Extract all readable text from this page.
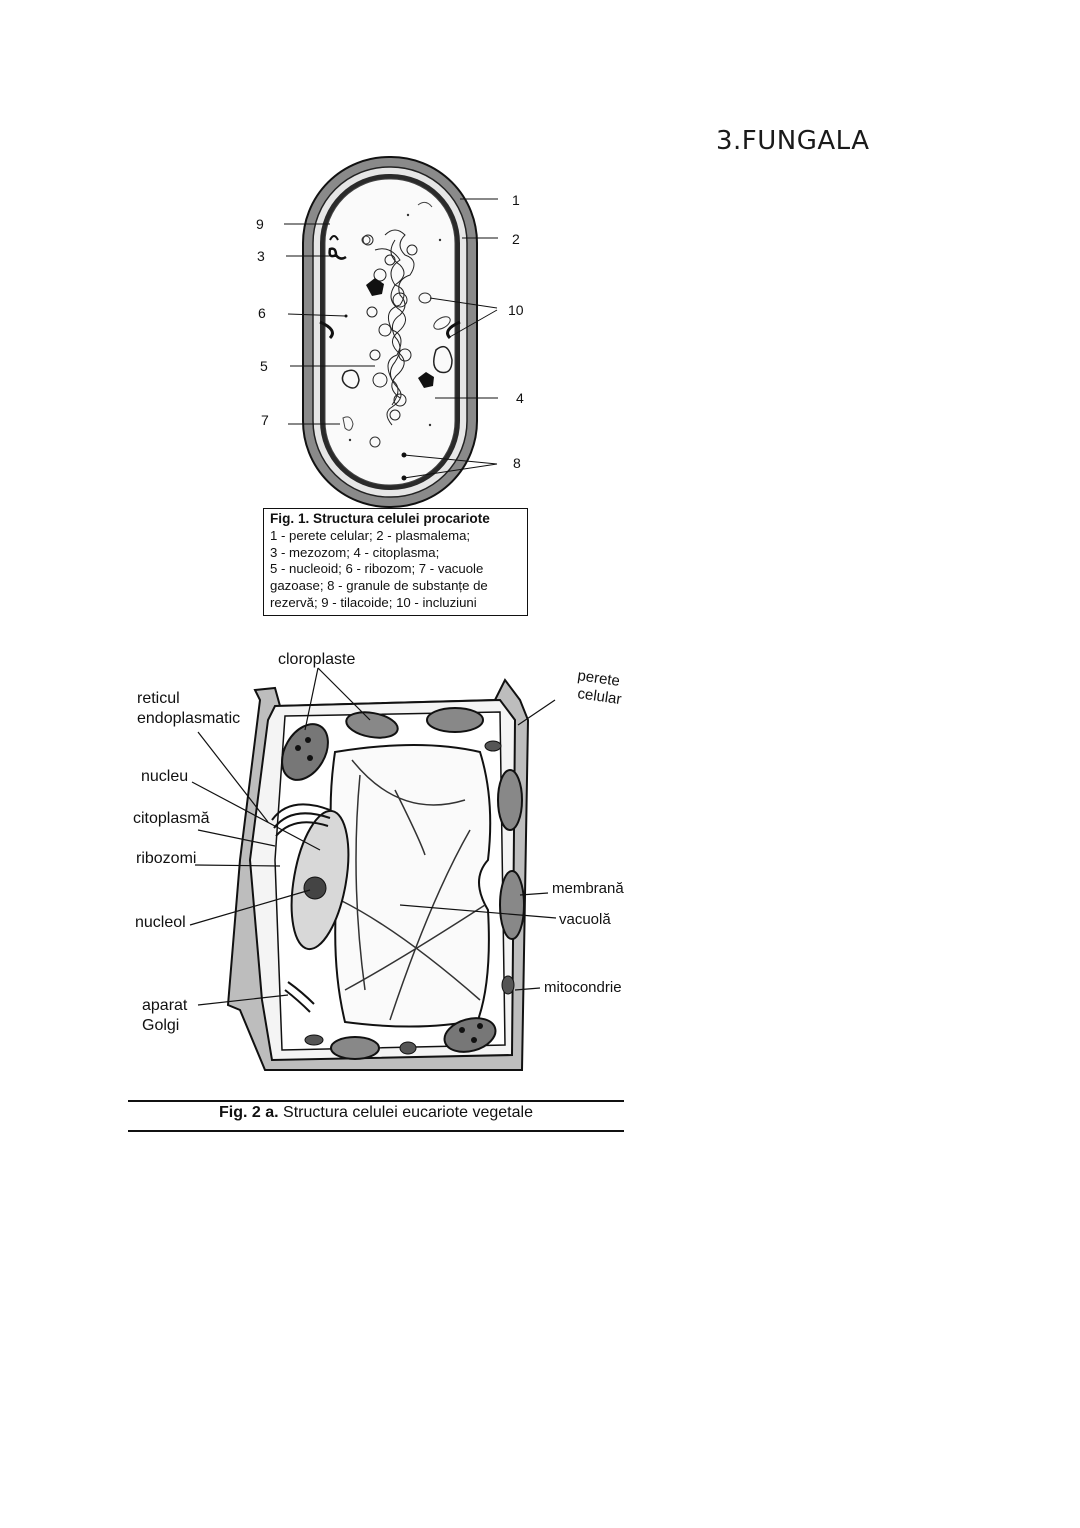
3.FUNGALA
9
3
6
5
7
1
2
10
4
8
Fig. 1. Structura celulei procariote
1 - perete celular; 2 - plasmalema;
3 - mezozom; 4 - citoplasma;
5 - nucleoid; 6 - ribozom; 7 - vacuole
gazoase; 8 - granule de substanțe de
rezervă; 9 - tilacoide; 10 - incluziuni
cloroplaste
perete
celular
reticul
endoplasmatic
nucleu
citoplasmă
ribozomi
nucleol
aparat
Golgi
membrană
vacuolă
mitocondrie
Fig. 2 a. Structura celulei eucariote vegetale
